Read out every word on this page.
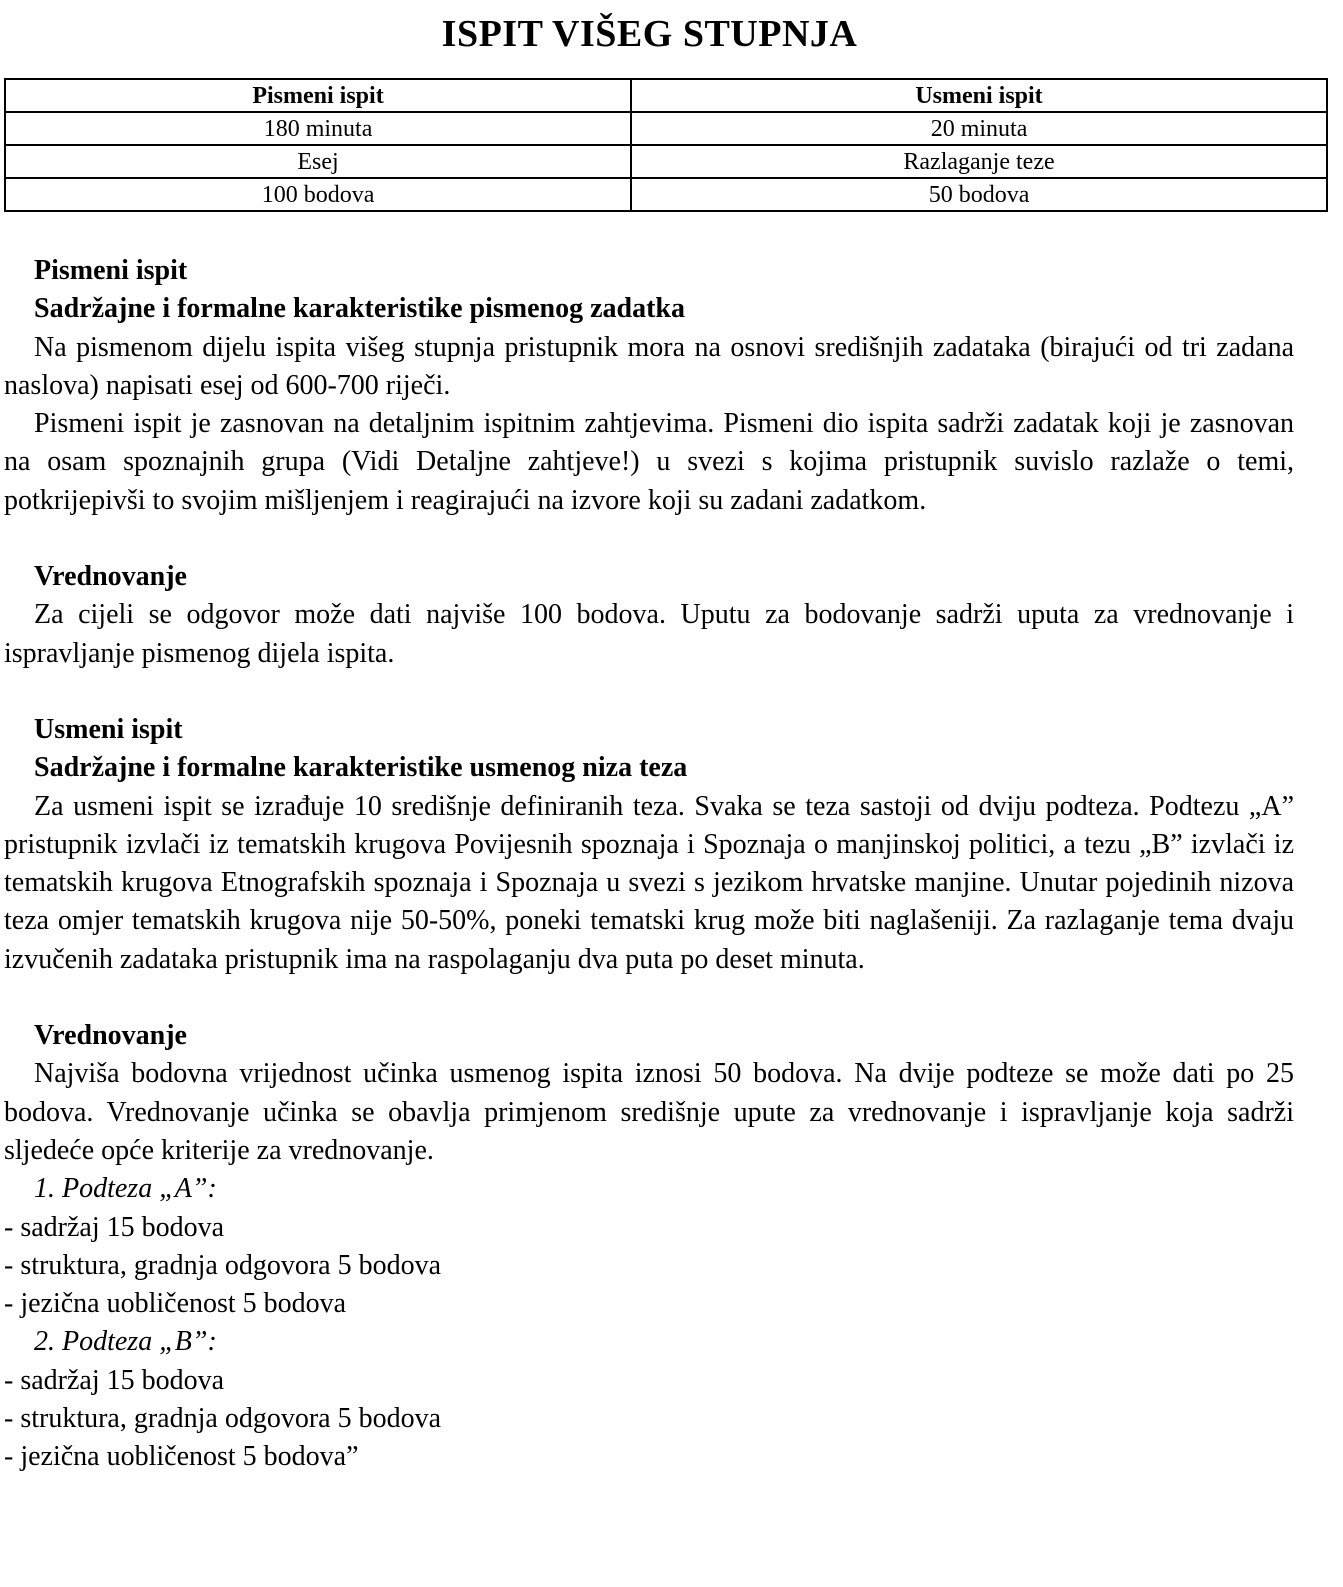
ISPIT VIŠEG STUPNJA
Pismeni ispit	Usmeni ispit
180 minuta	20 minuta
Esej	Razlaganje teze
100 bodova	50 bodova
Pismeni ispit
Sadržajne i formalne karakteristike pismenog zadatka

Na pismenom dijelu ispita višeg stupnja pristupnik mora na osnovi središnjih zadataka (birajući od tri zadana naslova) napisati esej od 600-700 riječi.

Pismeni ispit je zasnovan na detaljnim ispitnim zahtjevima. Pismeni dio ispita sadrži zadatak koji je zasnovan na osam spoznajnih grupa (Vidi Detaljne zahtjeve!) u svezi s kojima pristupnik suvislo razlaže o temi, potkrijepivši to svojim mišljenjem i reagirajući na izvore koji su zadani zadatkom.

Vrednovanje

Za cijeli se odgovor može dati najviše 100 bodova. Uputu za bodovanje sadrži uputa za vrednovanje i ispravljanje pismenog dijela ispita.

Usmeni ispit
Sadržajne i formalne karakteristike usmenog niza teza

Za usmeni ispit se izrađuje 10 središnje definiranih teza. Svaka se teza sastoji od dviju podteza. Podtezu „A” pristupnik izvlači iz tematskih krugova Povijesnih spoznaja i Spoznaja o manjinskoj politici, a tezu „B” izvlači iz tematskih krugova Etnografskih spoznaja i Spoznaja u svezi s jezikom hrvatske manjine. Unutar pojedinih nizova teza omjer tematskih krugova nije 50-50%, poneki tematski krug može biti naglašeniji. Za razlaganje tema dvaju izvučenih zadataka pristupnik ima na raspolaganju dva puta po deset minuta.

Vrednovanje

Najviša bodovna vrijednost učinka usmenog ispita iznosi 50 bodova. Na dvije podteze se može dati po 25 bodova. Vrednovanje učinka se obavlja primjenom središnje upute za vrednovanje i ispravljanje koja sadrži sljedeće opće kriterije za vrednovanje.

1. Podteza „A”:
- sadržaj 15 bodova
- struktura, gradnja odgovora 5 bodova
- jezična uobličenost 5 bodova
2. Podteza „B”:
- sadržaj 15 bodova
- struktura, gradnja odgovora 5 bodova
- jezična uobličenost 5 bodova”
